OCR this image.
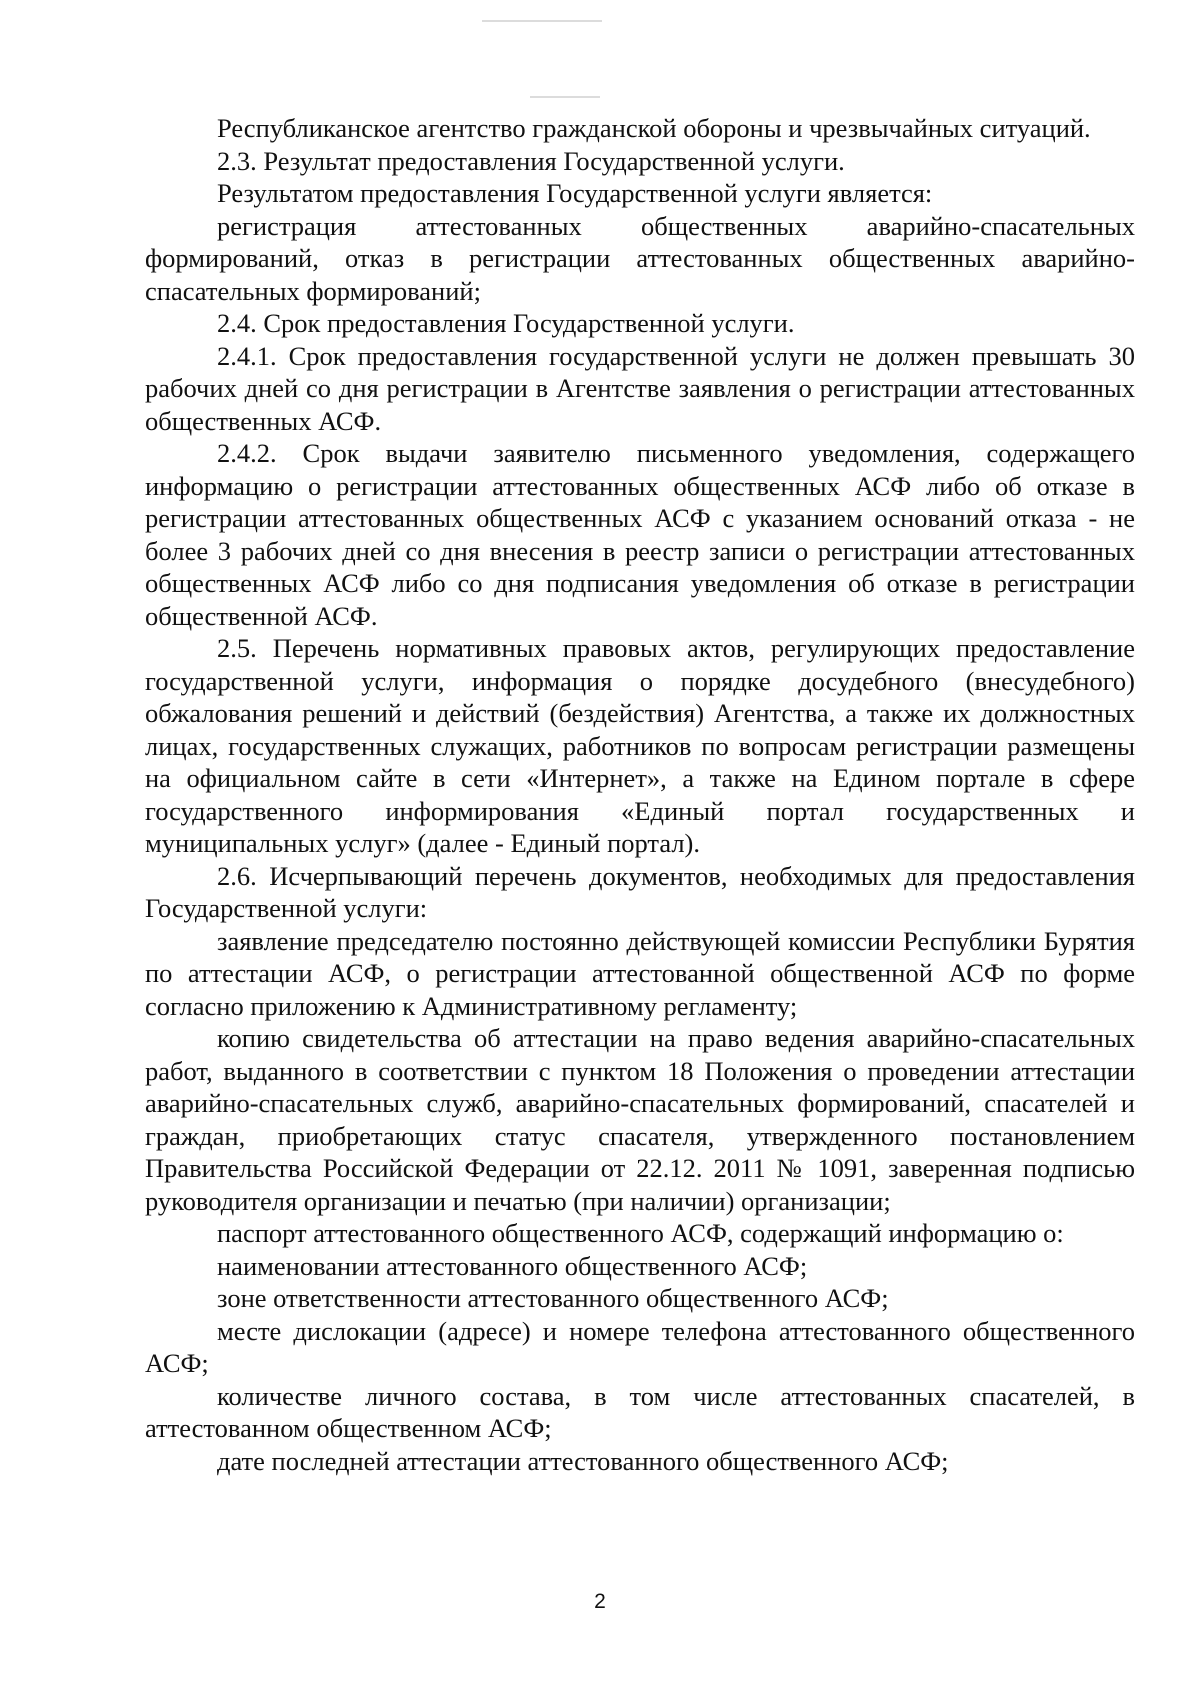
Республиканское агентство гражданской обороны и чрезвычайных ситуаций.

2.3. Результат предоставления Государственной услуги.

Результатом предоставления Государственной услуги является:

регистрация аттестованных общественных аварийно-спасательных формирований, отказ в регистрации аттестованных общественных аварийно-спасательных формирований;

2.4. Срок предоставления Государственной услуги.

2.4.1. Срок предоставления государственной услуги не должен превышать 30 рабочих дней со дня регистрации в Агентстве заявления о регистрации аттестованных общественных АСФ.

2.4.2. Срок выдачи заявителю письменного уведомления, содержащего информацию о регистрации аттестованных общественных АСФ либо об отказе в регистрации аттестованных общественных АСФ с указанием оснований отказа - не более 3 рабочих дней со дня внесения в реестр записи о регистрации аттестованных общественных АСФ либо со дня подписания уведомления об отказе в регистрации общественной АСФ.

2.5. Перечень нормативных правовых актов, регулирующих предоставление государственной услуги, информация о порядке досудебного (внесудебного) обжалования решений и действий (бездействия) Агентства, а также их должностных лицах, государственных служащих, работников по вопросам регистрации размещены на официальном сайте в сети «Интернет», а также на Едином портале в сфере государственного информирования «Единый портал государственных и муниципальных услуг» (далее - Единый портал).

2.6. Исчерпывающий перечень документов, необходимых для предоставления Государственной услуги:

заявление председателю постоянно действующей комиссии Республики Бурятия по аттестации АСФ, о регистрации аттестованной общественной АСФ по форме согласно приложению к Административному регламенту;

копию свидетельства об аттестации на право ведения аварийно-спасательных работ, выданного в соответствии с пунктом 18 Положения о проведении аттестации аварийно-спасательных служб, аварийно-спасательных формирований, спасателей и граждан, приобретающих статус спасателя, утвержденного постановлением Правительства Российской Федерации от 22.12. 2011 № 1091, заверенная подписью руководителя организации и печатью (при наличии) организации;

паспорт аттестованного общественного АСФ, содержащий информацию о:

наименовании аттестованного общественного АСФ;

зоне ответственности аттестованного общественного АСФ;

месте дислокации (адресе) и номере телефона аттестованного общественного АСФ;

количестве личного состава, в том числе аттестованных спасателей, в аттестованном общественном АСФ;

дате последней аттестации аттестованного общественного АСФ;

2
